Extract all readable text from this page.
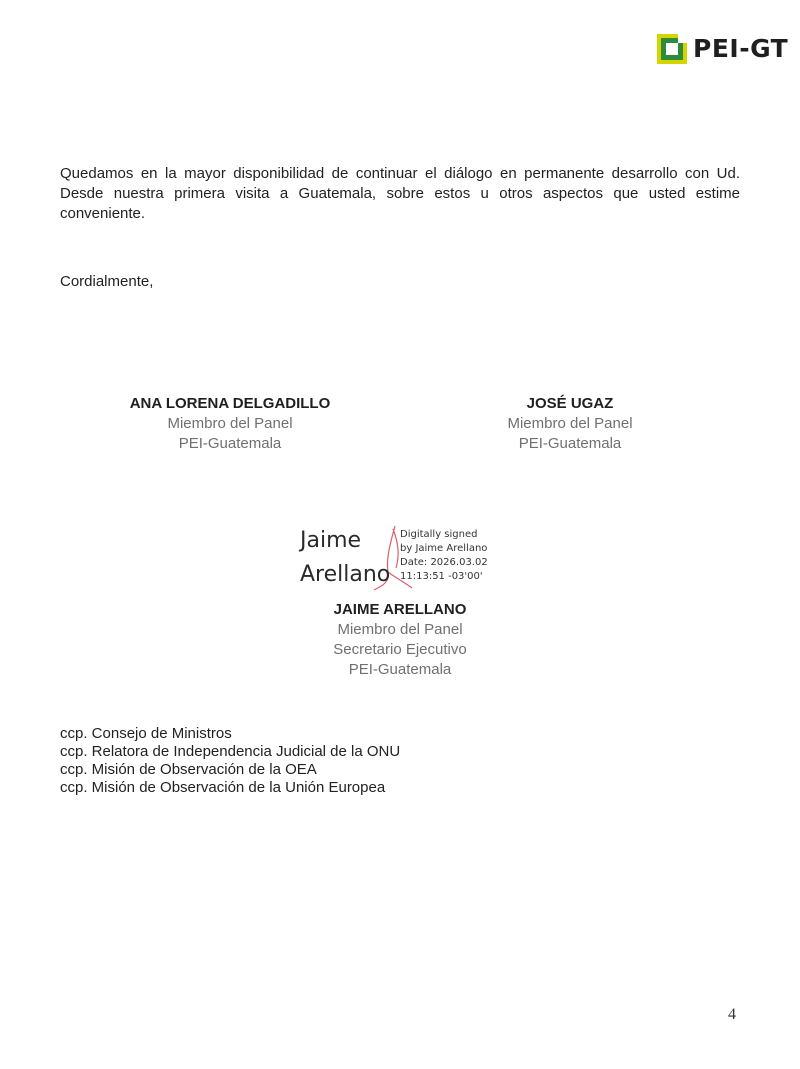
PEI-GT
Quedamos en la mayor disponibilidad de continuar el diálogo en permanente desarrollo con Ud. Desde nuestra primera visita a Guatemala, sobre estos u otros aspectos que usted estime conveniente.
Cordialmente,
ANA LORENA DELGADILLO
Miembro del Panel
PEI-Guatemala
JOSÉ UGAZ
Miembro del Panel
PEI-Guatemala
Jaime
Arellano
Digitally signed
by Jaime Arellano
Date: 2026.03.02
11:13:51 -03'00'
JAIME ARELLANO
Miembro del Panel
Secretario Ejecutivo
PEI-Guatemala
ccp. Consejo de Ministros
ccp. Relatora de Independencia Judicial de la ONU
ccp. Misión de Observación de la OEA
ccp. Misión de Observación de la Unión Europea
4
